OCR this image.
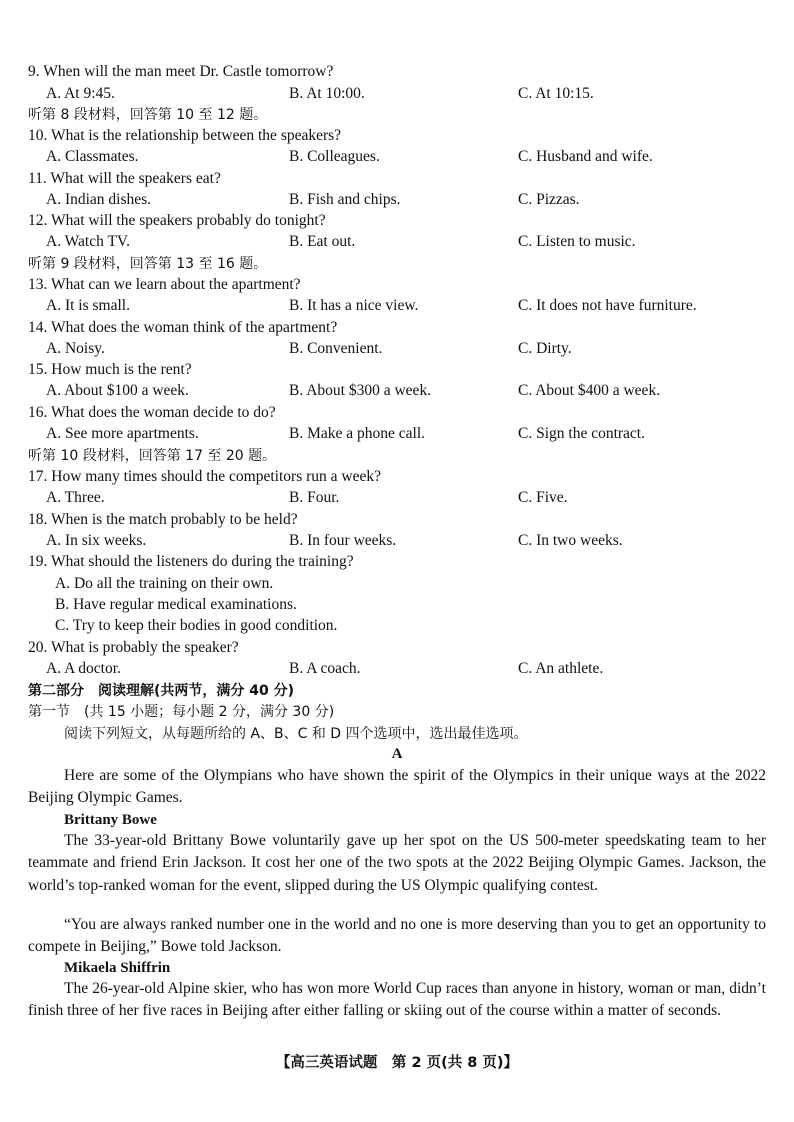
9. When will the man meet Dr. Castle tomorrow?
A. At 9:45.	B. At 10:00.	C. At 10:15.
听第 8 段材料，回答第 10 至 12 题。
10. What is the relationship between the speakers?
A. Classmates.	B. Colleagues.	C. Husband and wife.
11. What will the speakers eat?
A. Indian dishes.	B. Fish and chips.	C. Pizzas.
12. What will the speakers probably do tonight?
A. Watch TV.	B. Eat out.	C. Listen to music.
听第 9 段材料，回答第 13 至 16 题。
13. What can we learn about the apartment?
A. It is small.	B. It has a nice view.	C. It does not have furniture.
14. What does the woman think of the apartment?
A. Noisy.	B. Convenient.	C. Dirty.
15. How much is the rent?
A. About $100 a week.	B. About $300 a week.	C. About $400 a week.
16. What does the woman decide to do?
A. See more apartments.	B. Make a phone call.	C. Sign the contract.
听第 10 段材料，回答第 17 至 20 题。
17. How many times should the competitors run a week?
A. Three.	B. Four.	C. Five.
18. When is the match probably to be held?
A. In six weeks.	B. In four weeks.	C. In two weeks.
19. What should the listeners do during the training?
A. Do all the training on their own.
B. Have regular medical examinations.
C. Try to keep their bodies in good condition.
20. What is probably the speaker?
A. A doctor.	B. A coach.	C. An athlete.
第二部分　阅读理解(共两节，满分 40 分)
第一节　(共 15 小题；每小题 2 分，满分 30 分)
阅读下列短文，从每题所给的 A、B、C 和 D 四个选项中，选出最佳选项。
A
Here are some of the Olympians who have shown the spirit of the Olympics in their unique ways at the 2022 Beijing Olympic Games.
Brittany Bowe
The 33-year-old Brittany Bowe voluntarily gave up her spot on the US 500-meter speedskating team to her teammate and friend Erin Jackson. It cost her one of the two spots at the 2022 Beijing Olympic Games. Jackson, the world’s top-ranked woman for the event, slipped during the US Olympic qualifying contest.
“You are always ranked number one in the world and no one is more deserving than you to get an opportunity to compete in Beijing,” Bowe told Jackson.
Mikaela Shiffrin
The 26-year-old Alpine skier, who has won more World Cup races than anyone in history, woman or man, didn’t finish three of her five races in Beijing after either falling or skiing out of the course within a matter of seconds.
【高三英语试题　第 2 页(共 8 页)】
